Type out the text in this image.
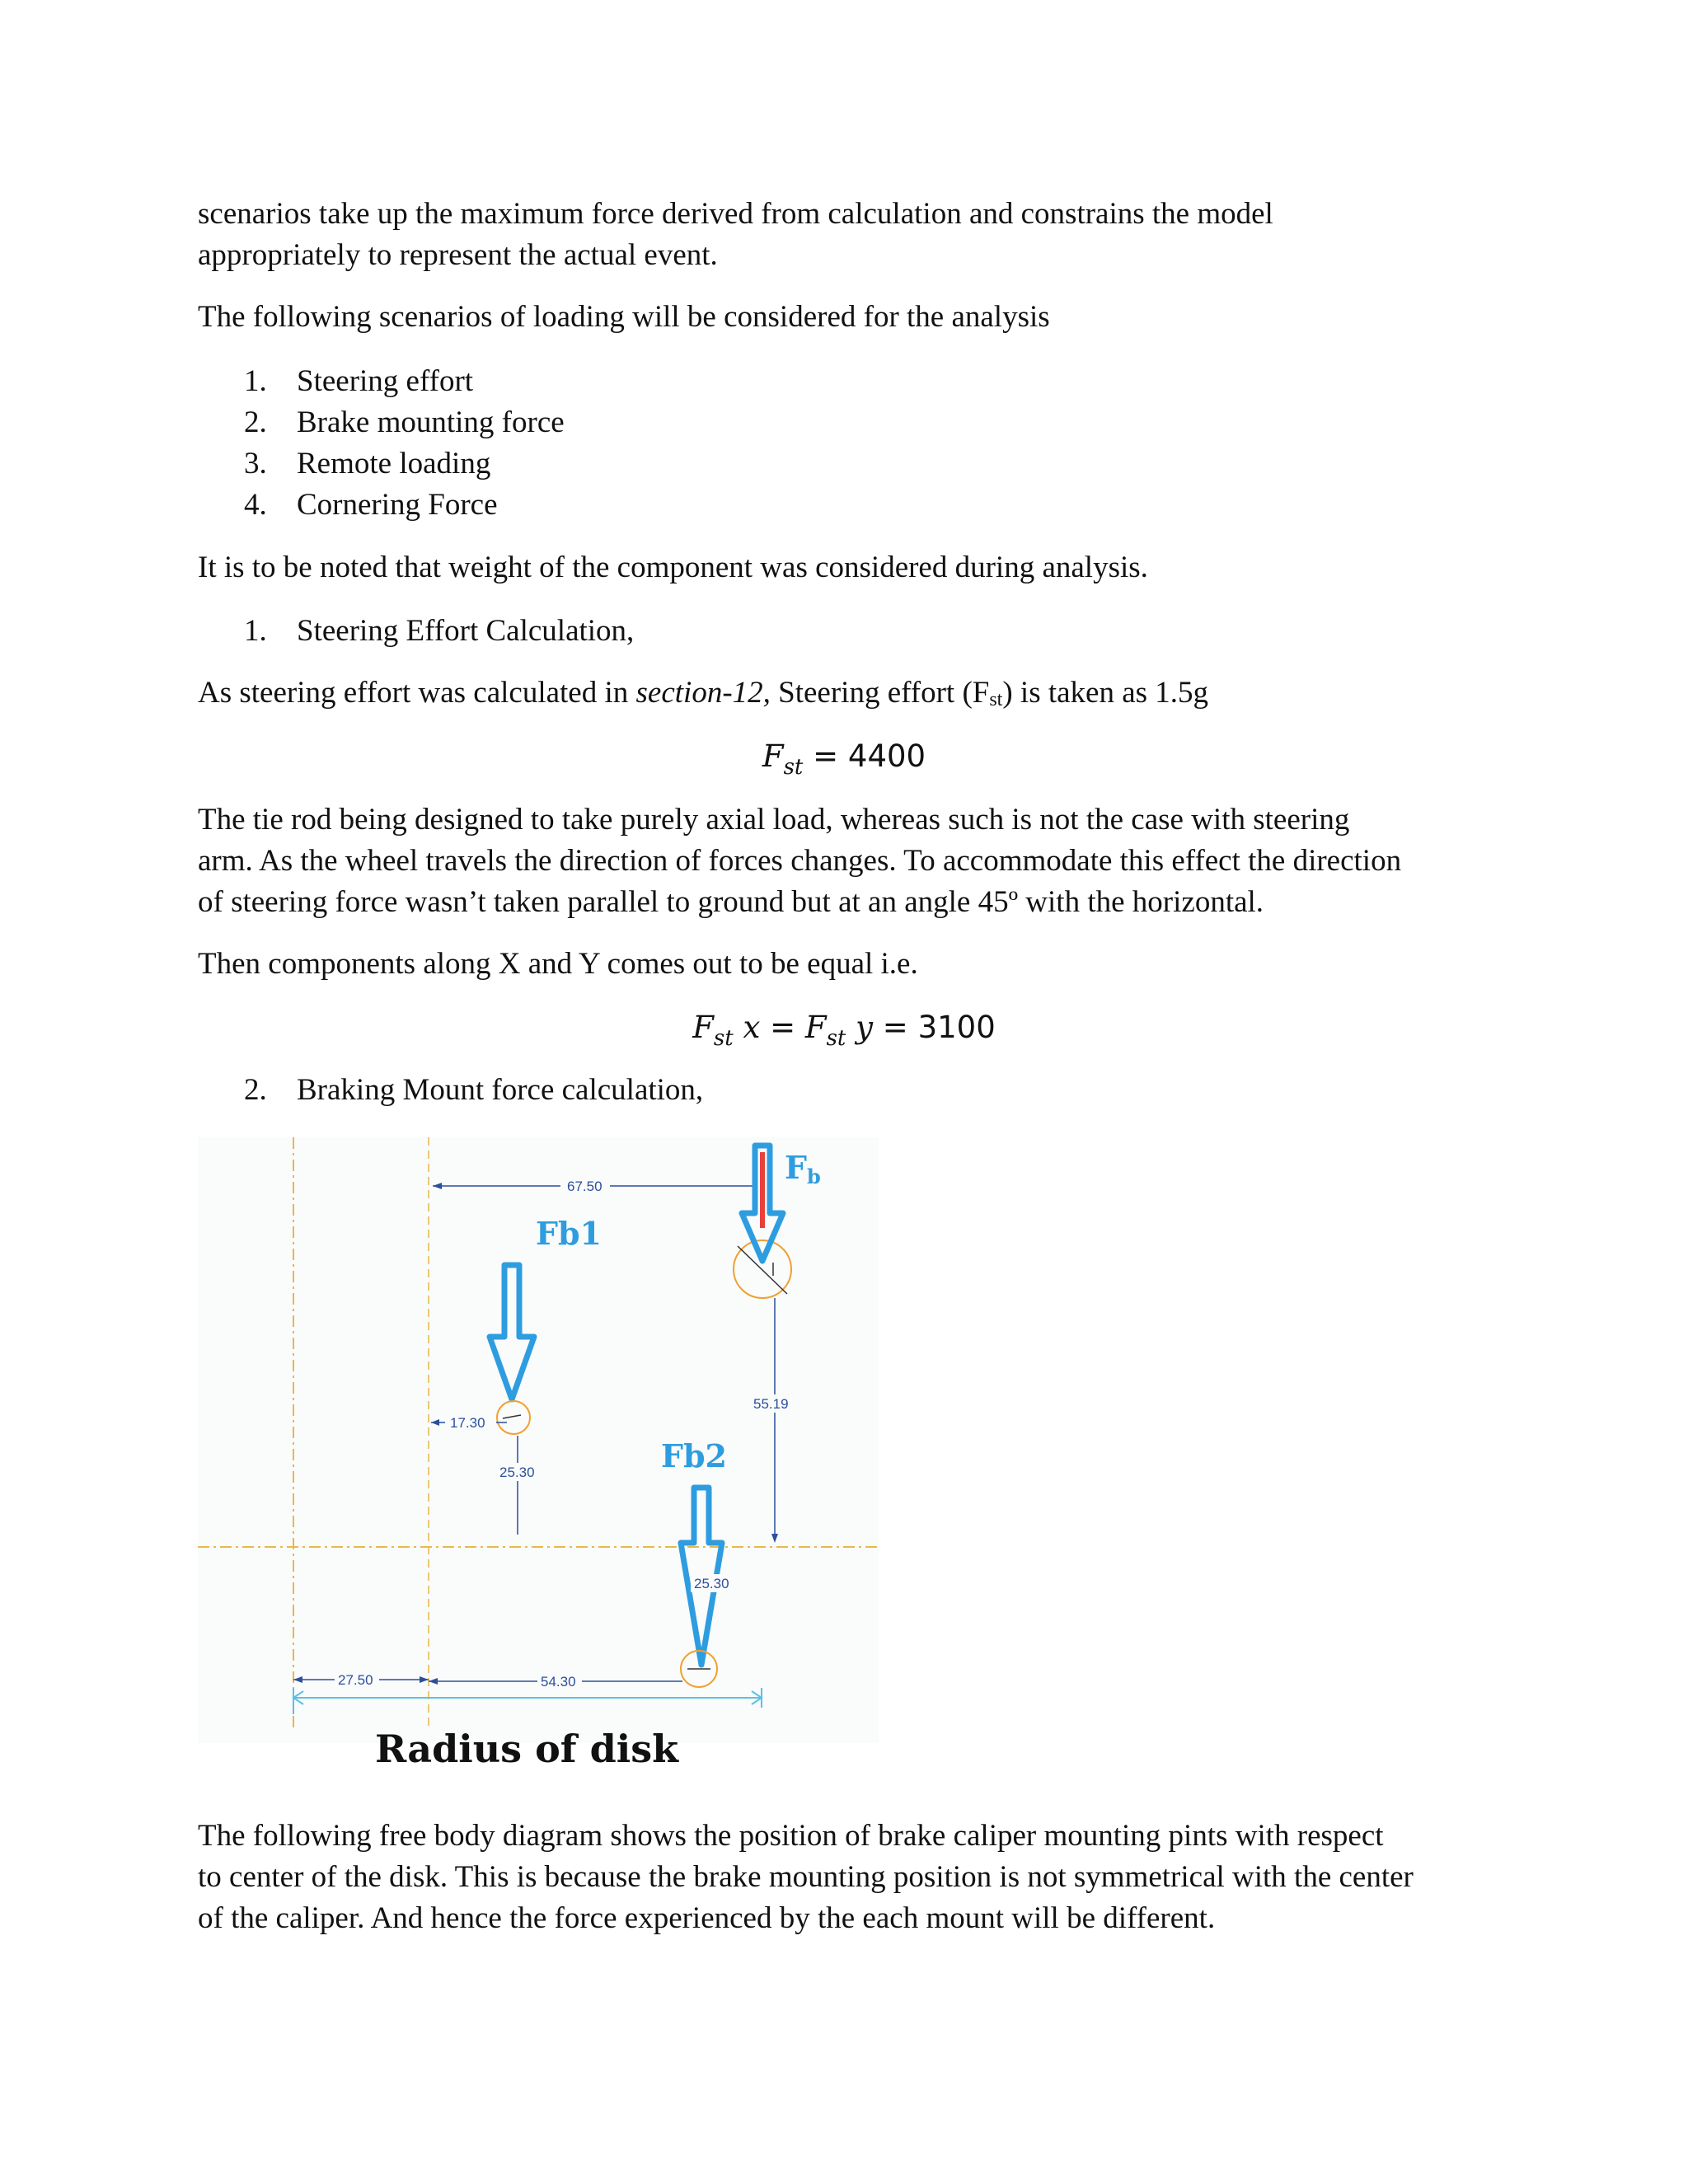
scenarios take up the maximum force derived from calculation and constrains the model

appropriately to represent the actual event.

The following scenarios of loading will be considered for the analysis

1. Steering effort
2. Brake mounting force
3. Remote loading
4. Cornering Force

It is to be noted that weight of the component was considered during analysis.

1. Steering Effort Calculation,

As steering effort was calculated in section-12, Steering effort (Fst) is taken as 1.5g

$F_{st} = 4400$

The tie rod being designed to take purely axial load, whereas such is not the case with steering

arm. As the wheel travels the direction of forces changes. To accommodate this effect the direction

of steering force wasn’t taken parallel to ground but at an angle 45º with the horizontal.

Then components along X and Y comes out to be equal i.e.

$F_{st}$ $x = F_{st}$ y = 3100
2. Braking Mount force calculation,
67.50
55.19
Fb
Fb1
17.30
25.30	Fb2
25.30
27.50	54.30
Radius of disk

The following free body diagram shows the position of brake caliper mounting pints with respect

to center of the disk. This is because the brake mounting position is not symmetrical with the center

of the caliper. And hence the force experienced by the each mount will be different.
